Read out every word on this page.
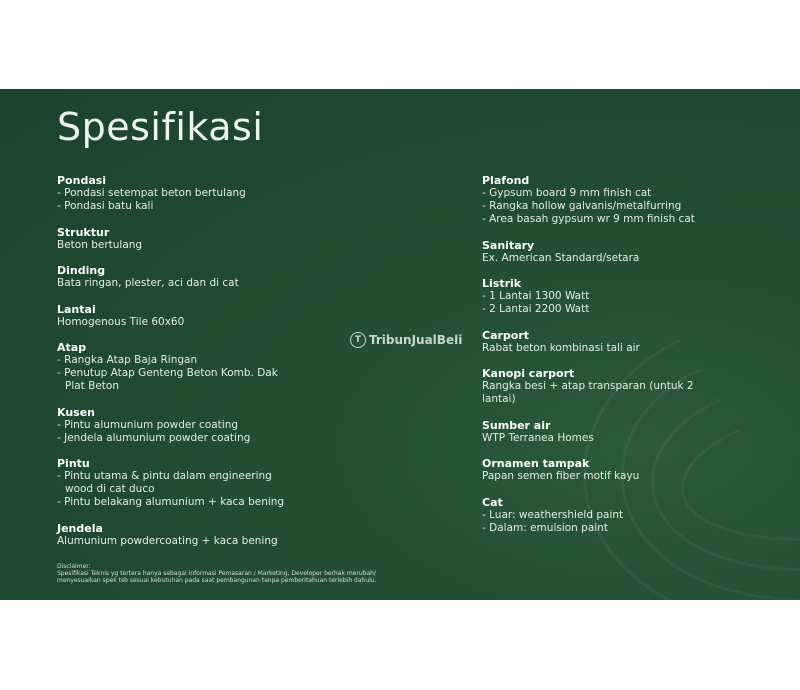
Spesifikasi
Pondasi
- Pondasi setempat beton bertulang
- Pondasi batu kali
Struktur
Beton bertulang
Dinding
Bata ringan, plester, aci dan di cat
Lantai
Homogenous Tile 60x60
Atap
- Rangka Atap Baja Ringan
- Penutup Atap Genteng Beton Komb. Dak
Plat Beton
Kusen
- Pintu alumunium powder coating
- Jendela alumunium powder coating
Pintu
- Pintu utama & pintu dalam engineering
wood di cat duco
- Pintu belakang alumunium + kaca bening
Jendela
Alumunium powdercoating + kaca bening
Plafond
- Gypsum board 9 mm finish cat
- Rangka hollow galvanis/metalfurring
- Area basah gypsum wr 9 mm finish cat
Sanitary
Ex. American Standard/setara
Listrik
- 1 Lantai 1300 Watt
- 2 Lantai 2200 Watt
Carport
Rabat beton kombinasi tali air
Kanopi carport
Rangka besi + atap transparan (untuk 2
lantai)
Sumber air
WTP Terranea Homes
Ornamen tampak
Papan semen fiber motif kayu
Cat
- Luar: weathershield paint
- Dalam: emulsion paint
T TribunJualBeli
Disclaimer:
Spesifikasi Teknis yg tertera hanya sebagai informasi Pemasaran / Marketing, Developer berhak merubah/
menyesuaikan spek tsb sesuai kebutuhan pada saat pembangunan tanpa pemberitahuan terlebih dahulu.
